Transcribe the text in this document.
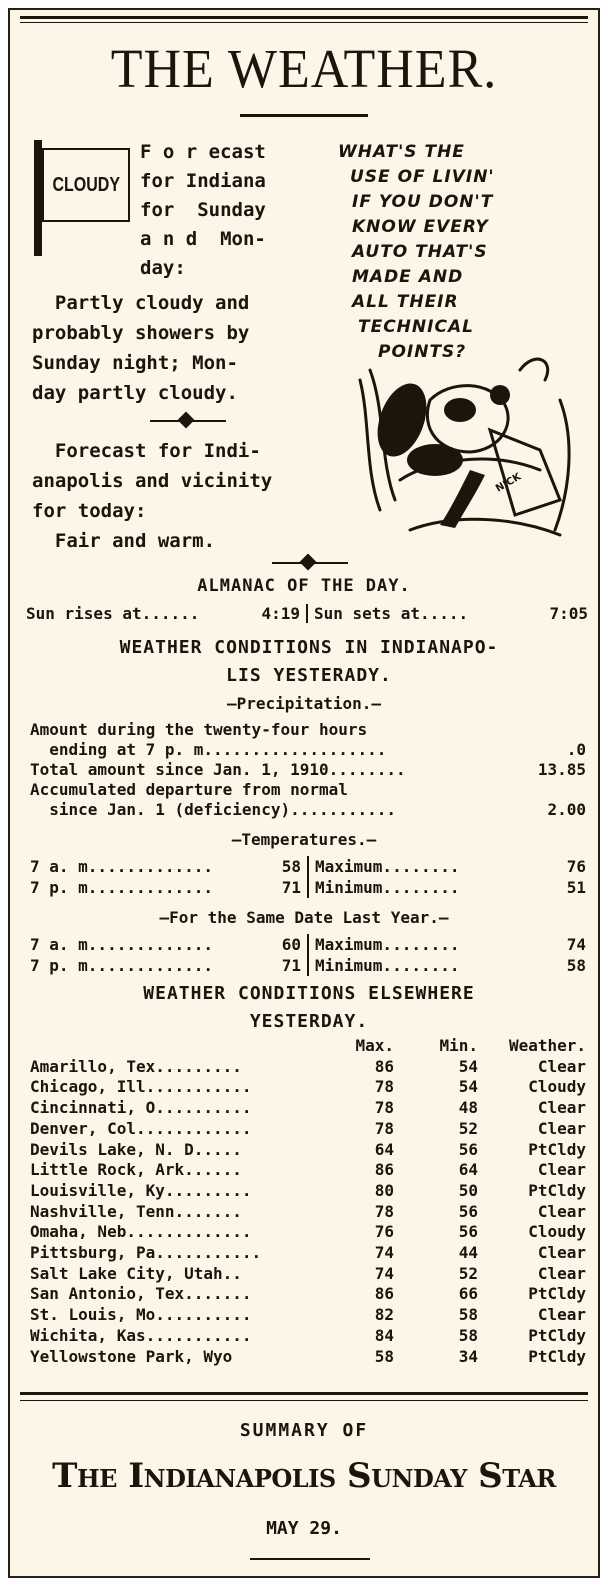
THE WEATHER.
CLOUDY
F o r ecast
for Indiana
for  Sunday
a n d  Mon-
day:
Partly cloudy and
probably showers by
Sunday night; Mon-
day partly cloudy.
Forecast for Indi-
anapolis and vicinity
for today:
Fair and warm.
WHAT'S THE
USE OF LIVIN'
IF YOU DON'T
KNOW EVERY
AUTO THAT'S
MADE AND
ALL THEIR
TECHNICAL
POINTS?
NICK
ALMANAC OF THE DAY.
Sun rises at......	4:19 Sun sets at.....	7:05
WEATHER CONDITIONS IN INDIANAPO-
LIS YESTERADY.
—Precipitation.—
Amount during the twenty-four hours
ending at 7 p. m...................	.0
Total amount since Jan. 1, 1910........	13.85
Accumulated departure from normal
since Jan. 1 (deficiency)...........	2.00
—Temperatures.—
7 a. m.............	58 Maximum........	76
7 p. m.............	71 Minimum........	51
—For the Same Date Last Year.—
7 a. m.............	60 Maximum........	74
7 p. m.............	71 Minimum........	58
WEATHER CONDITIONS ELSEWHERE
YESTERDAY.
Max.	Min.	Weather.
Amarillo, Tex.........	86	54	Clear
Chicago, Ill...........	78	54	Cloudy
Cincinnati, O..........	78	48	Clear
Denver, Col............	78	52	Clear
Devils Lake, N. D.....	64	56	PtCldy
Little Rock, Ark......	86	64	Clear
Louisville, Ky.........	80	50	PtCldy
Nashville, Tenn.......	78	56	Clear
Omaha, Neb.............	76	56	Cloudy
Pittsburg, Pa...........	74	44	Clear
Salt Lake City, Utah..	74	52	Clear
San Antonio, Tex.......	86	66	PtCldy
St. Louis, Mo..........	82	58	Clear
Wichita, Kas...........	84	58	PtCldy
Yellowstone Park, Wyo	58	34	PtCldy
SUMMARY OF
The Indianapolis Sunday Star
MAY 29.
